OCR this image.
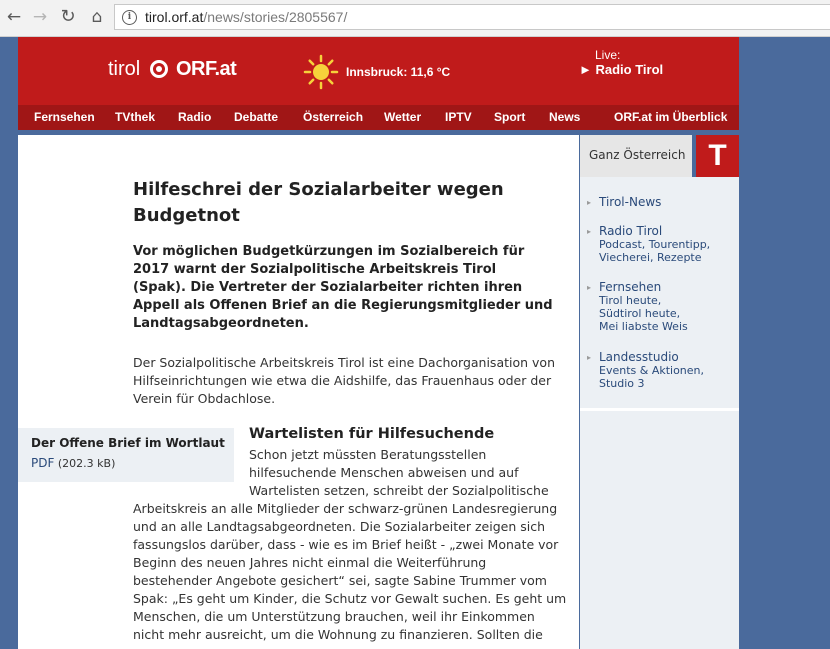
← → ↻ ⌂	i tirol.orf.at/news/stories/2805567/
tirol ORF.at	Innsbruck: 11,6 °C
Live:
► Radio Tirol
Fernsehen TVthek Radio Debatte Österreich Wetter IPTV Sport News	ORF.at im Überblick
Hilfeschrei der Sozialarbeiter wegen Budgetnot
Vor möglichen Budgetkürzungen im Sozialbereich für 2017 warnt der Sozialpolitische Arbeitskreis Tirol (Spak). Die Vertreter der Sozialarbeiter richten ihren Appell als Offenen Brief an die Regierungsmitglieder und Landtagsabgeordneten.
Der Sozialpolitische Arbeitskreis Tirol ist eine Dachorganisation von Hilfseinrichtungen wie etwa die Aidshilfe, das Frauenhaus oder der Verein für Obdachlose.
Der Offene Brief im Wortlaut
PDF (202.3 kB)
Wartelisten für Hilfesuchende
Schon jetzt müssten Beratungsstellen
hilfesuchende Menschen abweisen und auf
Wartelisten setzen, schreibt der Sozialpolitische
Arbeitskreis an alle Mitglieder der schwarz-grünen Landesregierung
und an alle Landtagsabgeordneten. Die Sozialarbeiter zeigen sich
fassungslos darüber, dass - wie es im Brief heißt - „zwei Monate vor
Beginn des neuen Jahres nicht einmal die Weiterführung
bestehender Angebote gesichert“ sei, sagte Sabine Trummer vom
Spak: „Es geht um Kinder, die Schutz vor Gewalt suchen. Es geht um
Menschen, die um Unterstützung brauchen, weil ihr Einkommen
nicht mehr ausreicht, um die Wohnung zu finanzieren. Sollten die
Ganz Österreich T
▸ Tirol-News
▸ Radio Tirol
Podcast, Tourentipp,
Viecherei, Rezepte
▸ Fernsehen
Tirol heute,
Südtirol heute,
Mei liabste Weis
▸ Landesstudio
Events & Aktionen,
Studio 3
